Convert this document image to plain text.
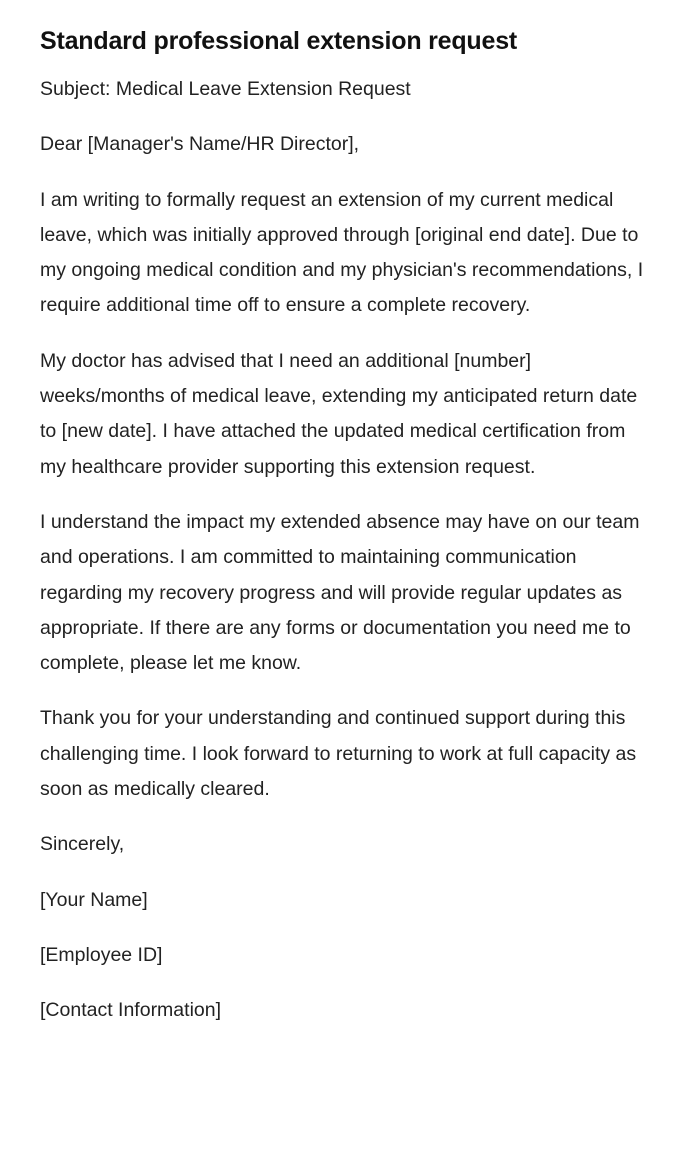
Standard professional extension request

Subject: Medical Leave Extension Request

Dear [Manager's Name/HR Director],

I am writing to formally request an extension of my current medical leave, which was initially approved through [original end date]. Due to my ongoing medical condition and my physician's recommendations, I require additional time off to ensure a complete recovery.

My doctor has advised that I need an additional [number] weeks/months of medical leave, extending my anticipated return date to [new date]. I have attached the updated medical certification from my healthcare provider supporting this extension request.

I understand the impact my extended absence may have on our team and operations. I am committed to maintaining communication regarding my recovery progress and will provide regular updates as appropriate. If there are any forms or documentation you need me to complete, please let me know.

Thank you for your understanding and continued support during this challenging time. I look forward to returning to work at full capacity as soon as medically cleared.

Sincerely,

[Your Name]

[Employee ID]

[Contact Information]
